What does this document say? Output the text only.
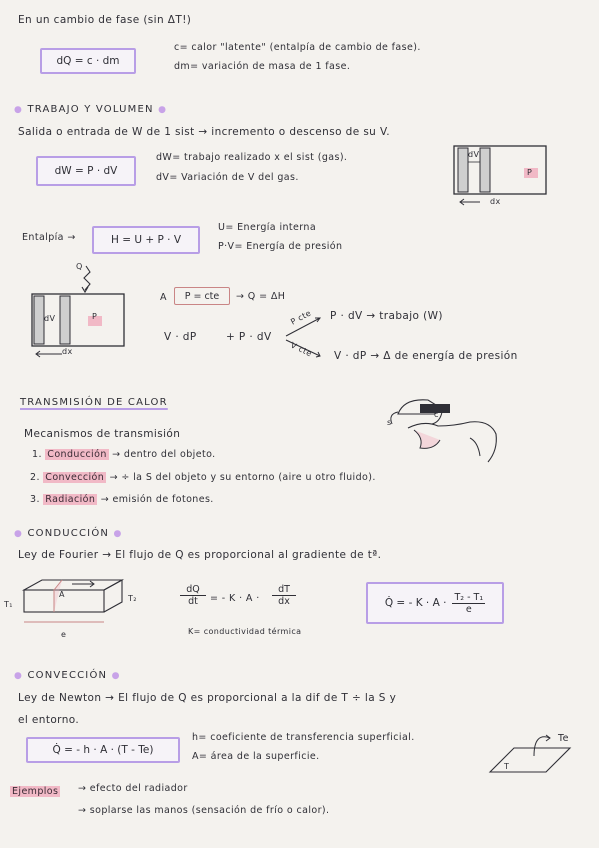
En un cambio de fase (sin ΔT!)
dQ = c · dm
c= calor "latente" (entalpía de cambio de fase).
dm= variación de masa de 1 fase.
● TRABAJO Y VOLUMEN ●
Salida o entrada de W de 1 sist → incremento o descenso de su V.
dW = P · dV
dW= trabajo realizado x el sist (gas).
dV= Variación de V del gas.
dV
P
dx
Entalpía →	H = U + P · V
U= Energía interna
P·V= Energía de presión
Q
dV	P
dx
A P = cte → Q = ΔH
V · dP	+ P · dV
P cte
V cte
P · dV → trabajo (W)
V · dP → Δ de energía de presión
TRANSMISIÓN DE CALOR
Mecanismos de transmisión
1. Conducción → dentro del objeto.
2. Convección → ÷ la S del objeto y su entorno (aire u otro fluido).
3. Radiación → emisión de fotones.
s
c
● CONDUCCIÓN ●
Ley de Fourier → El flujo de Q es proporcional al gradiente de tª.
T₁
T₂
A
e
$\frac{dQ}{dt}$ = - $K \cdot A \cdot \frac{dT}{dx}$
K= conductividad térmica
Q̇ = - $K \cdot A \cdot \frac{\text{T₂ - T₁}}{e}$
● CONVECCIÓN ●
Ley de Newton → El flujo de Q es proporcional a la dif de T ÷ la S y
el entorno.
Q̇ = - h · A · (T - Te)
h= coeficiente de transferencia superficial.
A= área de la superficie.
T
Te
Ejemplos → efecto del radiador
→ soplarse las manos (sensación de frío o calor).
